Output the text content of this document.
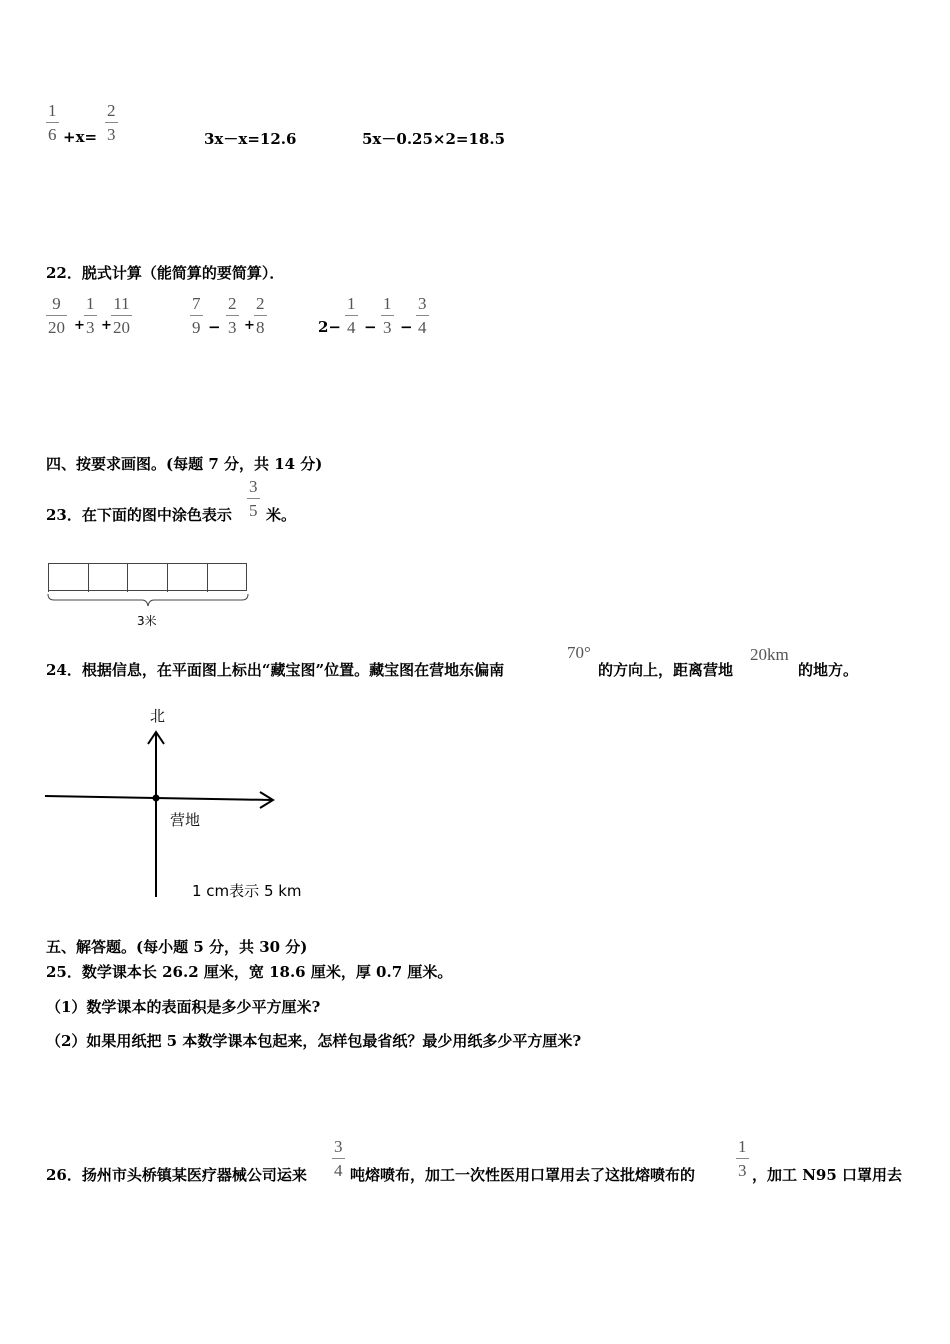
1
6 +x=
2
3	3x－x=12.6	5x－0.25×2=18.5
22．脱式计算（能简算的要简算）．
9
20 +
1
3 +
11
20
7
9 −
2
3 +
2
8	2−
1
4 −
1
3 −
3
4
四、按要求画图。(每题 7 分，共 14 分)
23．在下面的图中涂色表示
3
5 米。
3米
24．根据信息，在平面图上标出“藏宝图”位置。藏宝图在营地东偏南
70°
的方向上，距离营地
20km
的地方。
北
营地
1 cm表示 5 km
五、解答题。(每小题 5 分，共 30 分)
25．数学课本长 26.2 厘米，宽 18.6 厘米，厚 0.7 厘米。
（1）数学课本的表面积是多少平方厘米?
（2）如果用纸把 5 本数学课本包起来，怎样包最省纸？最少用纸多少平方厘米?
26．扬州市头桥镇某医疗器械公司运来
3
4 吨熔喷布，加工一次性医用口罩用去了这批熔喷布的
1
3 ，加工 N95 口罩用去
